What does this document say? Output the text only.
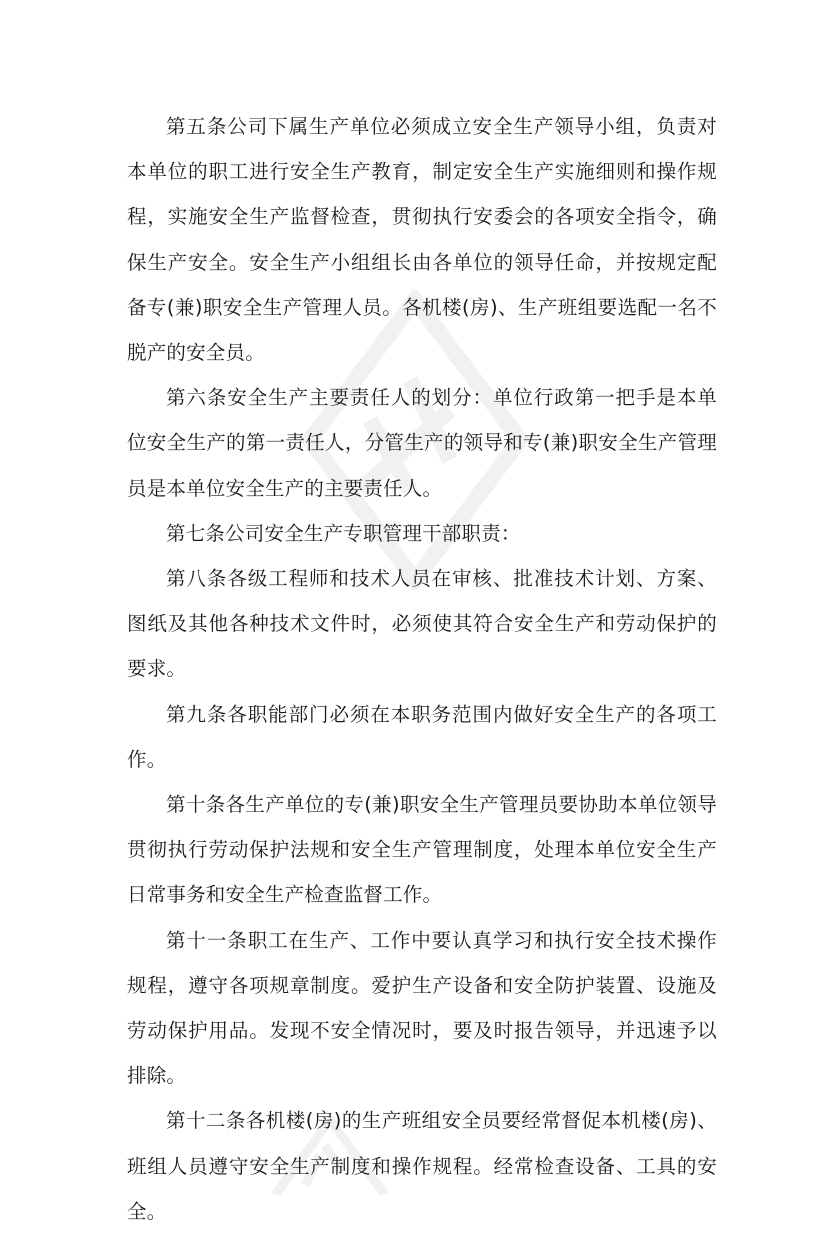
第五条公司下属生产单位必须成立安全生产领导小组，负责对本单位的职工进行安全生产教育，制定安全生产实施细则和操作规程，实施安全生产监督检查，贯彻执行安委会的各项安全指令，确保生产安全。安全生产小组组长由各单位的领导任命，并按规定配备专(兼)职安全生产管理人员。各机楼(房)、生产班组要选配一名不脱产的安全员。

第六条安全生产主要责任人的划分：单位行政第一把手是本单位安全生产的第一责任人，分管生产的领导和专(兼)职安全生产管理员是本单位安全生产的主要责任人。

第七条公司安全生产专职管理干部职责：

第八条各级工程师和技术人员在审核、批准技术计划、方案、图纸及其他各种技术文件时，必须使其符合安全生产和劳动保护的要求。

第九条各职能部门必须在本职务范围内做好安全生产的各项工作。

第十条各生产单位的专(兼)职安全生产管理员要协助本单位领导贯彻执行劳动保护法规和安全生产管理制度，处理本单位安全生产日常事务和安全生产检查监督工作。

第十一条职工在生产、工作中要认真学习和执行安全技术操作规程，遵守各项规章制度。爱护生产设备和安全防护装置、设施及劳动保护用品。发现不安全情况时，要及时报告领导，并迅速予以排除。

第十二条各机楼(房)的生产班组安全员要经常督促本机楼(房)、班组人员遵守安全生产制度和操作规程。经常检查设备、工具的安全。
